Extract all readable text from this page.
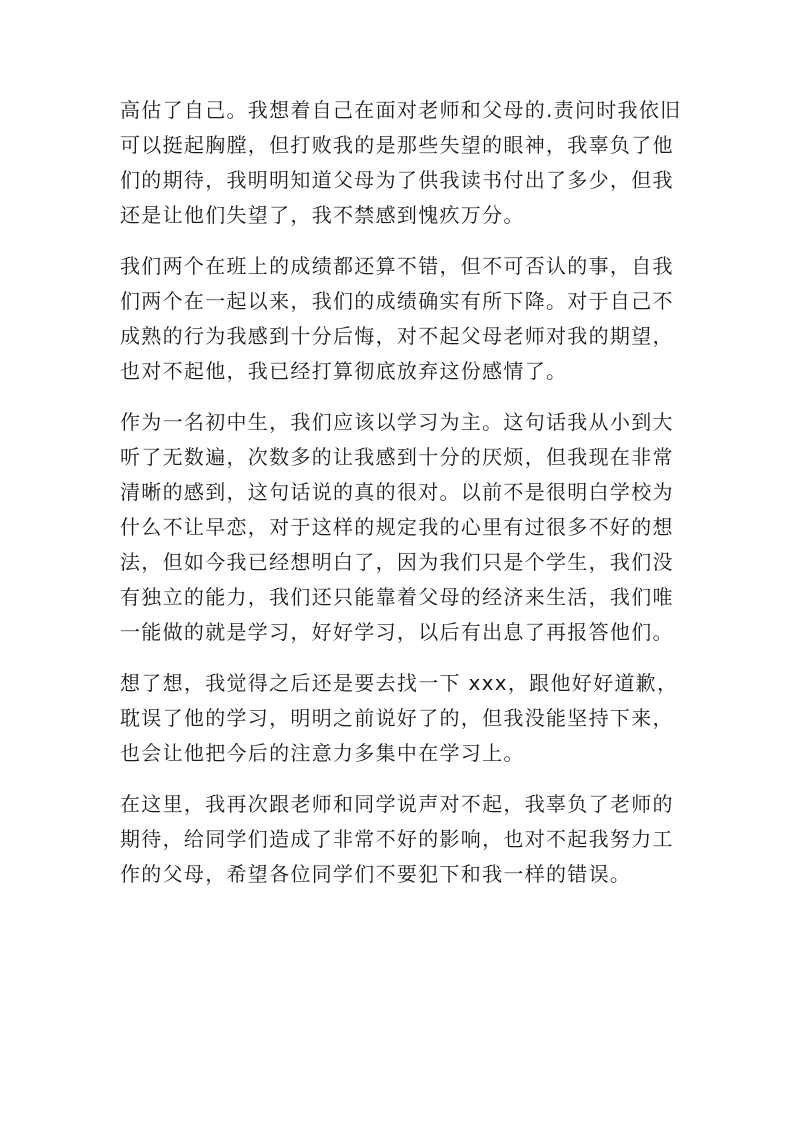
高估了自己。我想着自己在面对老师和父母的.责问时我依旧
可以挺起胸膛，但打败我的是那些失望的眼神，我辜负了他
们的期待，我明明知道父母为了供我读书付出了多少，但我
还是让他们失望了，我不禁感到愧疚万分。

我们两个在班上的成绩都还算不错，但不可否认的事，自我
们两个在一起以来，我们的成绩确实有所下降。对于自己不
成熟的行为我感到十分后悔，对不起父母老师对我的期望，
也对不起他，我已经打算彻底放弃这份感情了。

作为一名初中生，我们应该以学习为主。这句话我从小到大
听了无数遍，次数多的让我感到十分的厌烦，但我现在非常
清晰的感到，这句话说的真的很对。以前不是很明白学校为
什么不让早恋，对于这样的规定我的心里有过很多不好的想
法，但如今我已经想明白了，因为我们只是个学生，我们没
有独立的能力，我们还只能靠着父母的经济来生活，我们唯
一能做的就是学习，好好学习，以后有出息了再报答他们。

想了想，我觉得之后还是要去找一下 xxx，跟他好好道歉，
耽误了他的学习，明明之前说好了的，但我没能坚持下来，
也会让他把今后的注意力多集中在学习上。

在这里，我再次跟老师和同学说声对不起，我辜负了老师的
期待，给同学们造成了非常不好的影响，也对不起我努力工
作的父母，希望各位同学们不要犯下和我一样的错误。
